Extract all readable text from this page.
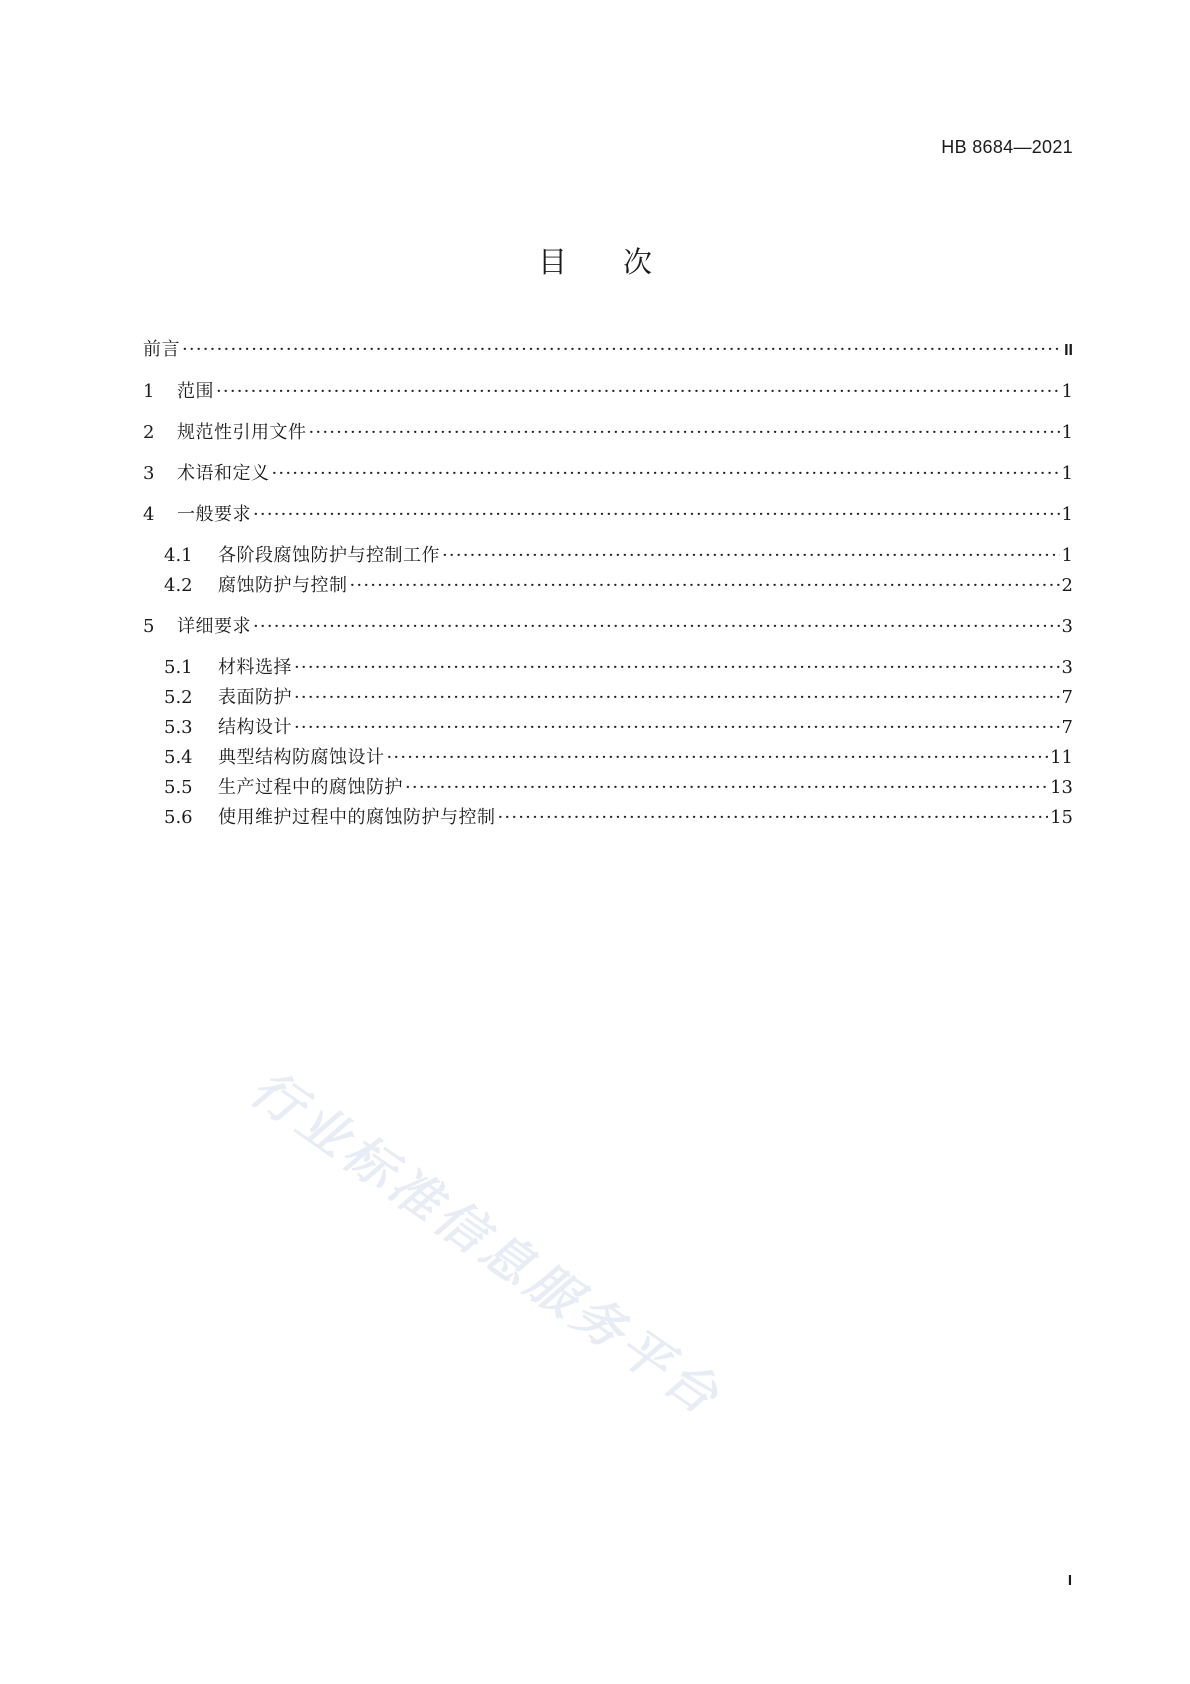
HB 8684—2021
目 次
前言 ·····	II
1	范围 ·····	1
2	规范性引用文件 ·····	1
3	术语和定义 ·····	1
4	一般要求 ·····	1
4.1	各阶段腐蚀防护与控制工作 ·····	1
4.2	腐蚀防护与控制 ·····	2
5	详细要求 ·····	3
5.1	材料选择 ·····	3
5.2	表面防护 ·····	7
5.3	结构设计 ·····	7
5.4	典型结构防腐蚀设计 ·····	11
5.5	生产过程中的腐蚀防护 ·····	13
5.6	使用维护过程中的腐蚀防护与控制 ·····	15
行业标准信息服务平台
I
